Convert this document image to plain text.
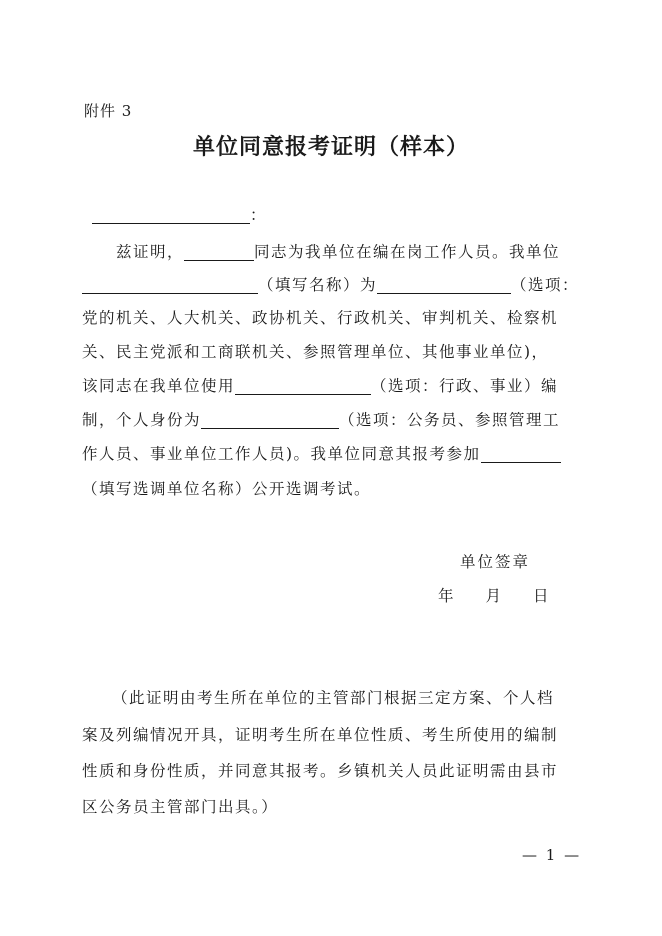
附件 3
单位同意报考证明（样本）
：
兹证明，	同志为我单位在编在岗工作人员。我单位
（填写名称）为	（选项：
党的机关、人大机关、政协机关、行政机关、审判机关、检察机
关、民主党派和工商联机关、参照管理单位、其他事业单位)，
该同志在我单位使用	（选项：行政、事业）编
制，个人身份为	（选项：公务员、参照管理工
作人员、事业单位工作人员)。我单位同意其报考参加
（填写选调单位名称）公开选调考试。
单位签章
年 月 日
（此证明由考生所在单位的主管部门根据三定方案、个人档
案及列编情况开具，证明考生所在单位性质、考生所使用的编制
性质和身份性质，并同意其报考。乡镇机关人员此证明需由县市
区公务员主管部门出具。）
— 1 —
